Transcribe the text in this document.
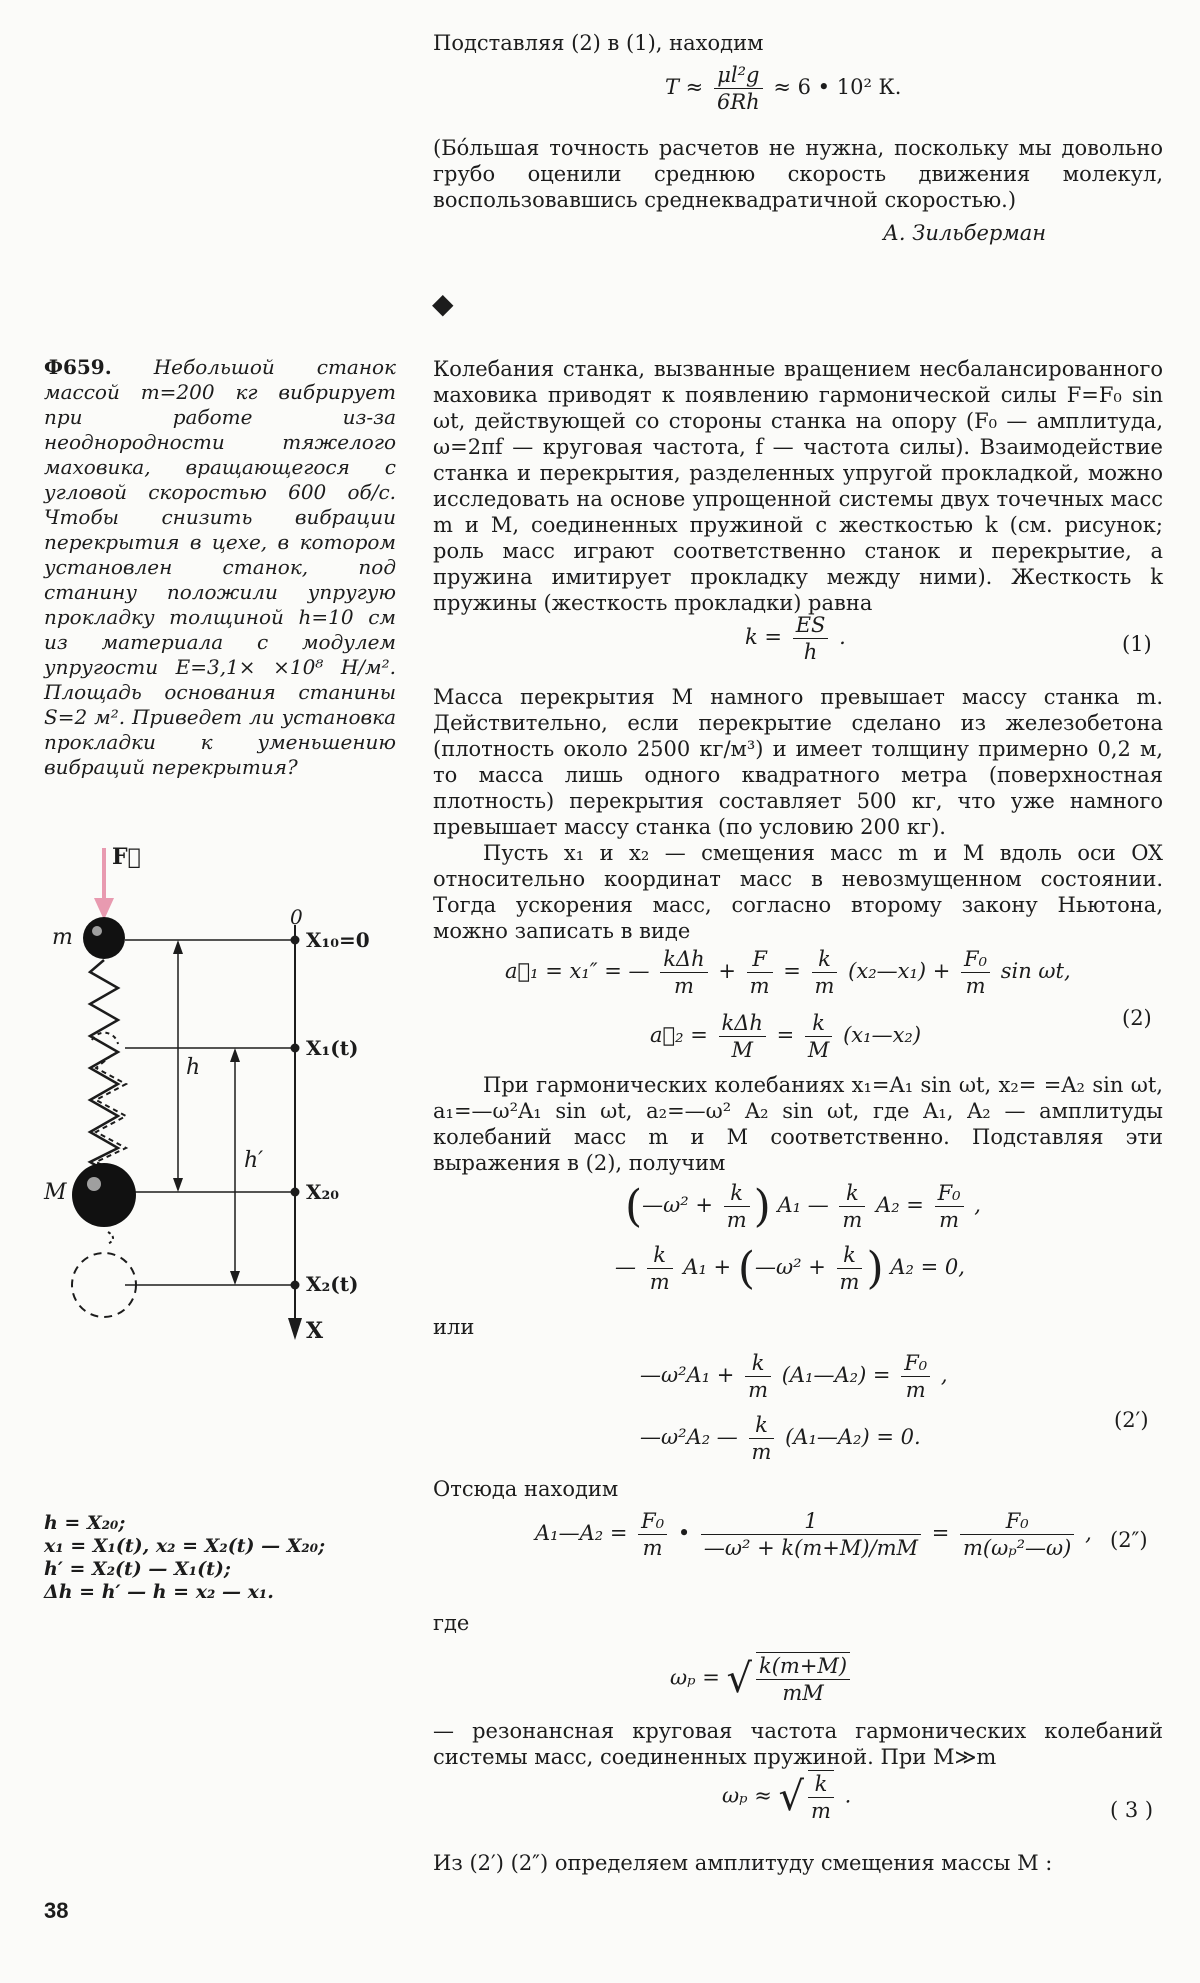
Подставляя (2) в (1), находим
$T \approx \frac{\text{μl²g}}{6Rh} \approx 6$ • 10² К.
(Бóльшая точность расчетов не нужна, поскольку мы довольно грубо оценили среднюю скорость движения молекул, воспользовавшись среднеквадратичной скоростью.)
А. Зильберман
◆
Ф659. Небольшой станок массой m=200 кг вибрирует при работе из-за неоднородности тяжелого маховика, вращающегося с угловой скоростью 600 об/с. Чтобы снизить вибрации перекрытия в цехе, в котором установлен станок, под станину положили упругую прокладку толщиной h=10 см из материала с модулем упругости E=3,1× ×10⁸ Н/м². Площадь основания станины S=2 м². Приведет ли установка прокладки к уменьшению вибраций перекрытия?
F⃗
0
m
M
h
h′
X₁₀=0
X₁(t)
X₂₀
X₂(t)
X
h = X₂₀;
x₁ = X₁(t), x₂ = X₂(t) — X₂₀;
h′ = X₂(t) — X₁(t);
Δh = h′ — h = x₂ — x₁.

Колебания станка, вызванные вращением несбалансированного маховика приводят к появлению гармонической силы F=F₀ sin ωt, действующей со стороны станка на опору (F₀ — амплитуда, ω=2πf — круговая частота, f — частота силы). Взаимодействие станка и перекрытия, разделенных упругой прокладкой, можно исследовать на основе упрощенной системы двух точечных масс m и M, соединенных пружиной с жесткостью k (см. рисунок; роль масс играют соответственно станок и перекрытие, а пружина имитирует прокладку между ними). Жесткость k пружины (жесткость прокладки) равна

$k = \frac{ES}{h}$ .	(1)

Масса перекрытия M намного превышает массу станка m. Действительно, если перекрытие сделано из железобетона (плотность около 2500 кг/м³) и имеет толщину примерно 0,2 м, то масса лишь одного квадратного метра (поверхностная плотность) перекрытия составляет 500 кг, что уже намного превышает массу станка (по условию 200 кг).

Пусть x₁ и x₂ — смещения масс m и M вдоль оси OX относительно координат масс в невозмущенном состоянии. Тогда ускорения масс, согласно второму закону Ньютона, можно записать в виде

a⃗₁ = x₁″ = — $\frac{\text{kΔh}}{m} + \frac{F}{m} = \frac{k}{m}$ (x₂—x₁) + $\frac{\text{F₀}}{m}$ sin ωt,
a⃗₂ = $\frac{\text{kΔh}}{M} = \frac{k}{M}$ (x₁—x₂)
(2)

При гармонических колебаниях x₁=A₁ sin ωt, x₂= =A₂ sin ωt, a₁=—ω²A₁ sin ωt, a₂=—ω² A₂ sin ωt, где A₁, A₂ — амплитуды колебаний масс m и M соответственно. Подставляя эти выражения в (2), получим

(—ω² + $\frac{k}{m}$ ) A₁ — $\frac{k}{m} A_2 = \frac{\text{F₀}}{m}$ ,
— $\frac{k}{m} A_1$ + (—ω² + $\frac{k}{m}$ ) A₂ = 0,
или
—ω²A₁ + $\frac{k}{m}$ (A₁—A₂) = $\frac{\text{F₀}}{m}$ ,
—ω²A₂ — $\frac{k}{m}$ (A₁—A₂) = 0.
(2′)
Отсюда находим
A₁—A₂ = $\frac{\text{F₀}}{m}$ • $\frac{1}{\text{—ω² + k(m+M)/mM}} = \frac{\text{F₀}}{\text{m(ωₚ²—ω)}}$ , (2″)
где
ωₚ = √ $\frac{k(m+M)}{mM}$

— резонансная круговая частота гармонических колебаний системы масс, соединенных пружиной. При M≫m

ωₚ ≈ √ $\frac{k}{m}$ .
( 3 )

Из (2′) (2″) определяем амплитуду смещения массы M :

38
